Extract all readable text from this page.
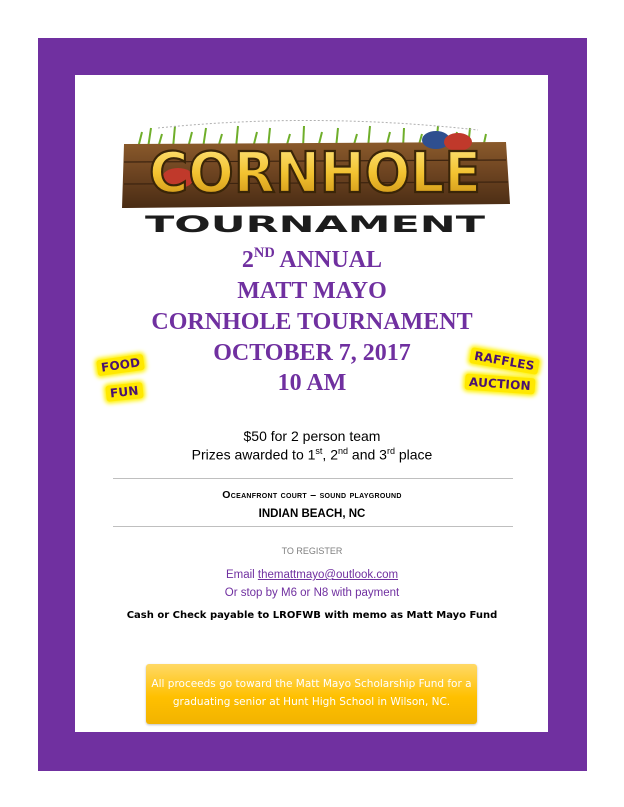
CORNHOLE
TOURNAMENT
2ND ANNUAL
MATT MAYO
CORNHOLE TOURNAMENT
OCTOBER 7, 2017
10 AM
FOOD
FUN
RAFFLES
AUCTION
$50 for 2 person team
Prizes awarded to 1st, 2nd and 3rd place
Oceanfront court – sound playground
INDIAN BEACH, NC
TO REGISTER
Email themattmayo@outlook.com
Or stop by M6 or N8 with payment
Cash or Check payable to LROFWB with memo as Matt Mayo Fund
All proceeds go toward the Matt Mayo Scholarship Fund for a
graduating senior at Hunt High School in Wilson, NC.
